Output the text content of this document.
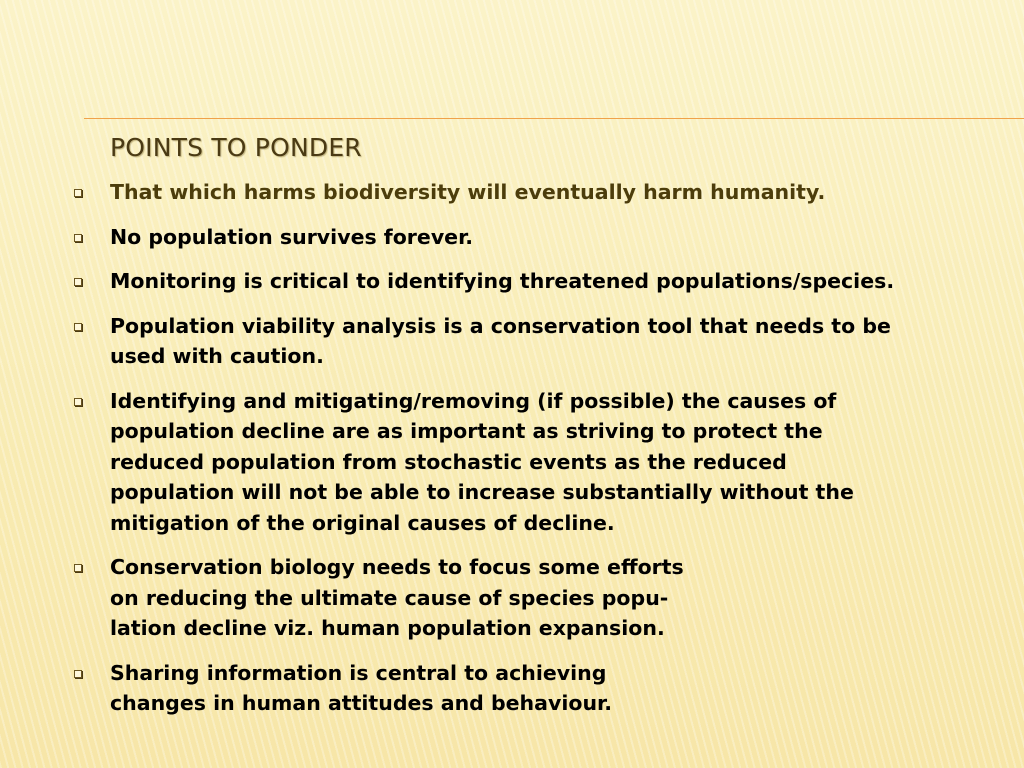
POINTS TO PONDER
That which harms biodiversity will eventually harm humanity.
No population survives forever.
Monitoring is critical to identifying threatened populations/species.
Population viability analysis is a conservation tool that needs to be
used with caution.
Identifying and mitigating/removing (if possible) the causes of
population decline are as important as striving to protect the
reduced population from stochastic events as the reduced
population will not be able to increase substantially without the
mitigation of the original causes of decline.
Conservation biology needs to focus some efforts
on reducing the ultimate cause of species popu-
lation decline viz. human population expansion.
Sharing information is central to achieving
changes in human attitudes and behaviour.
